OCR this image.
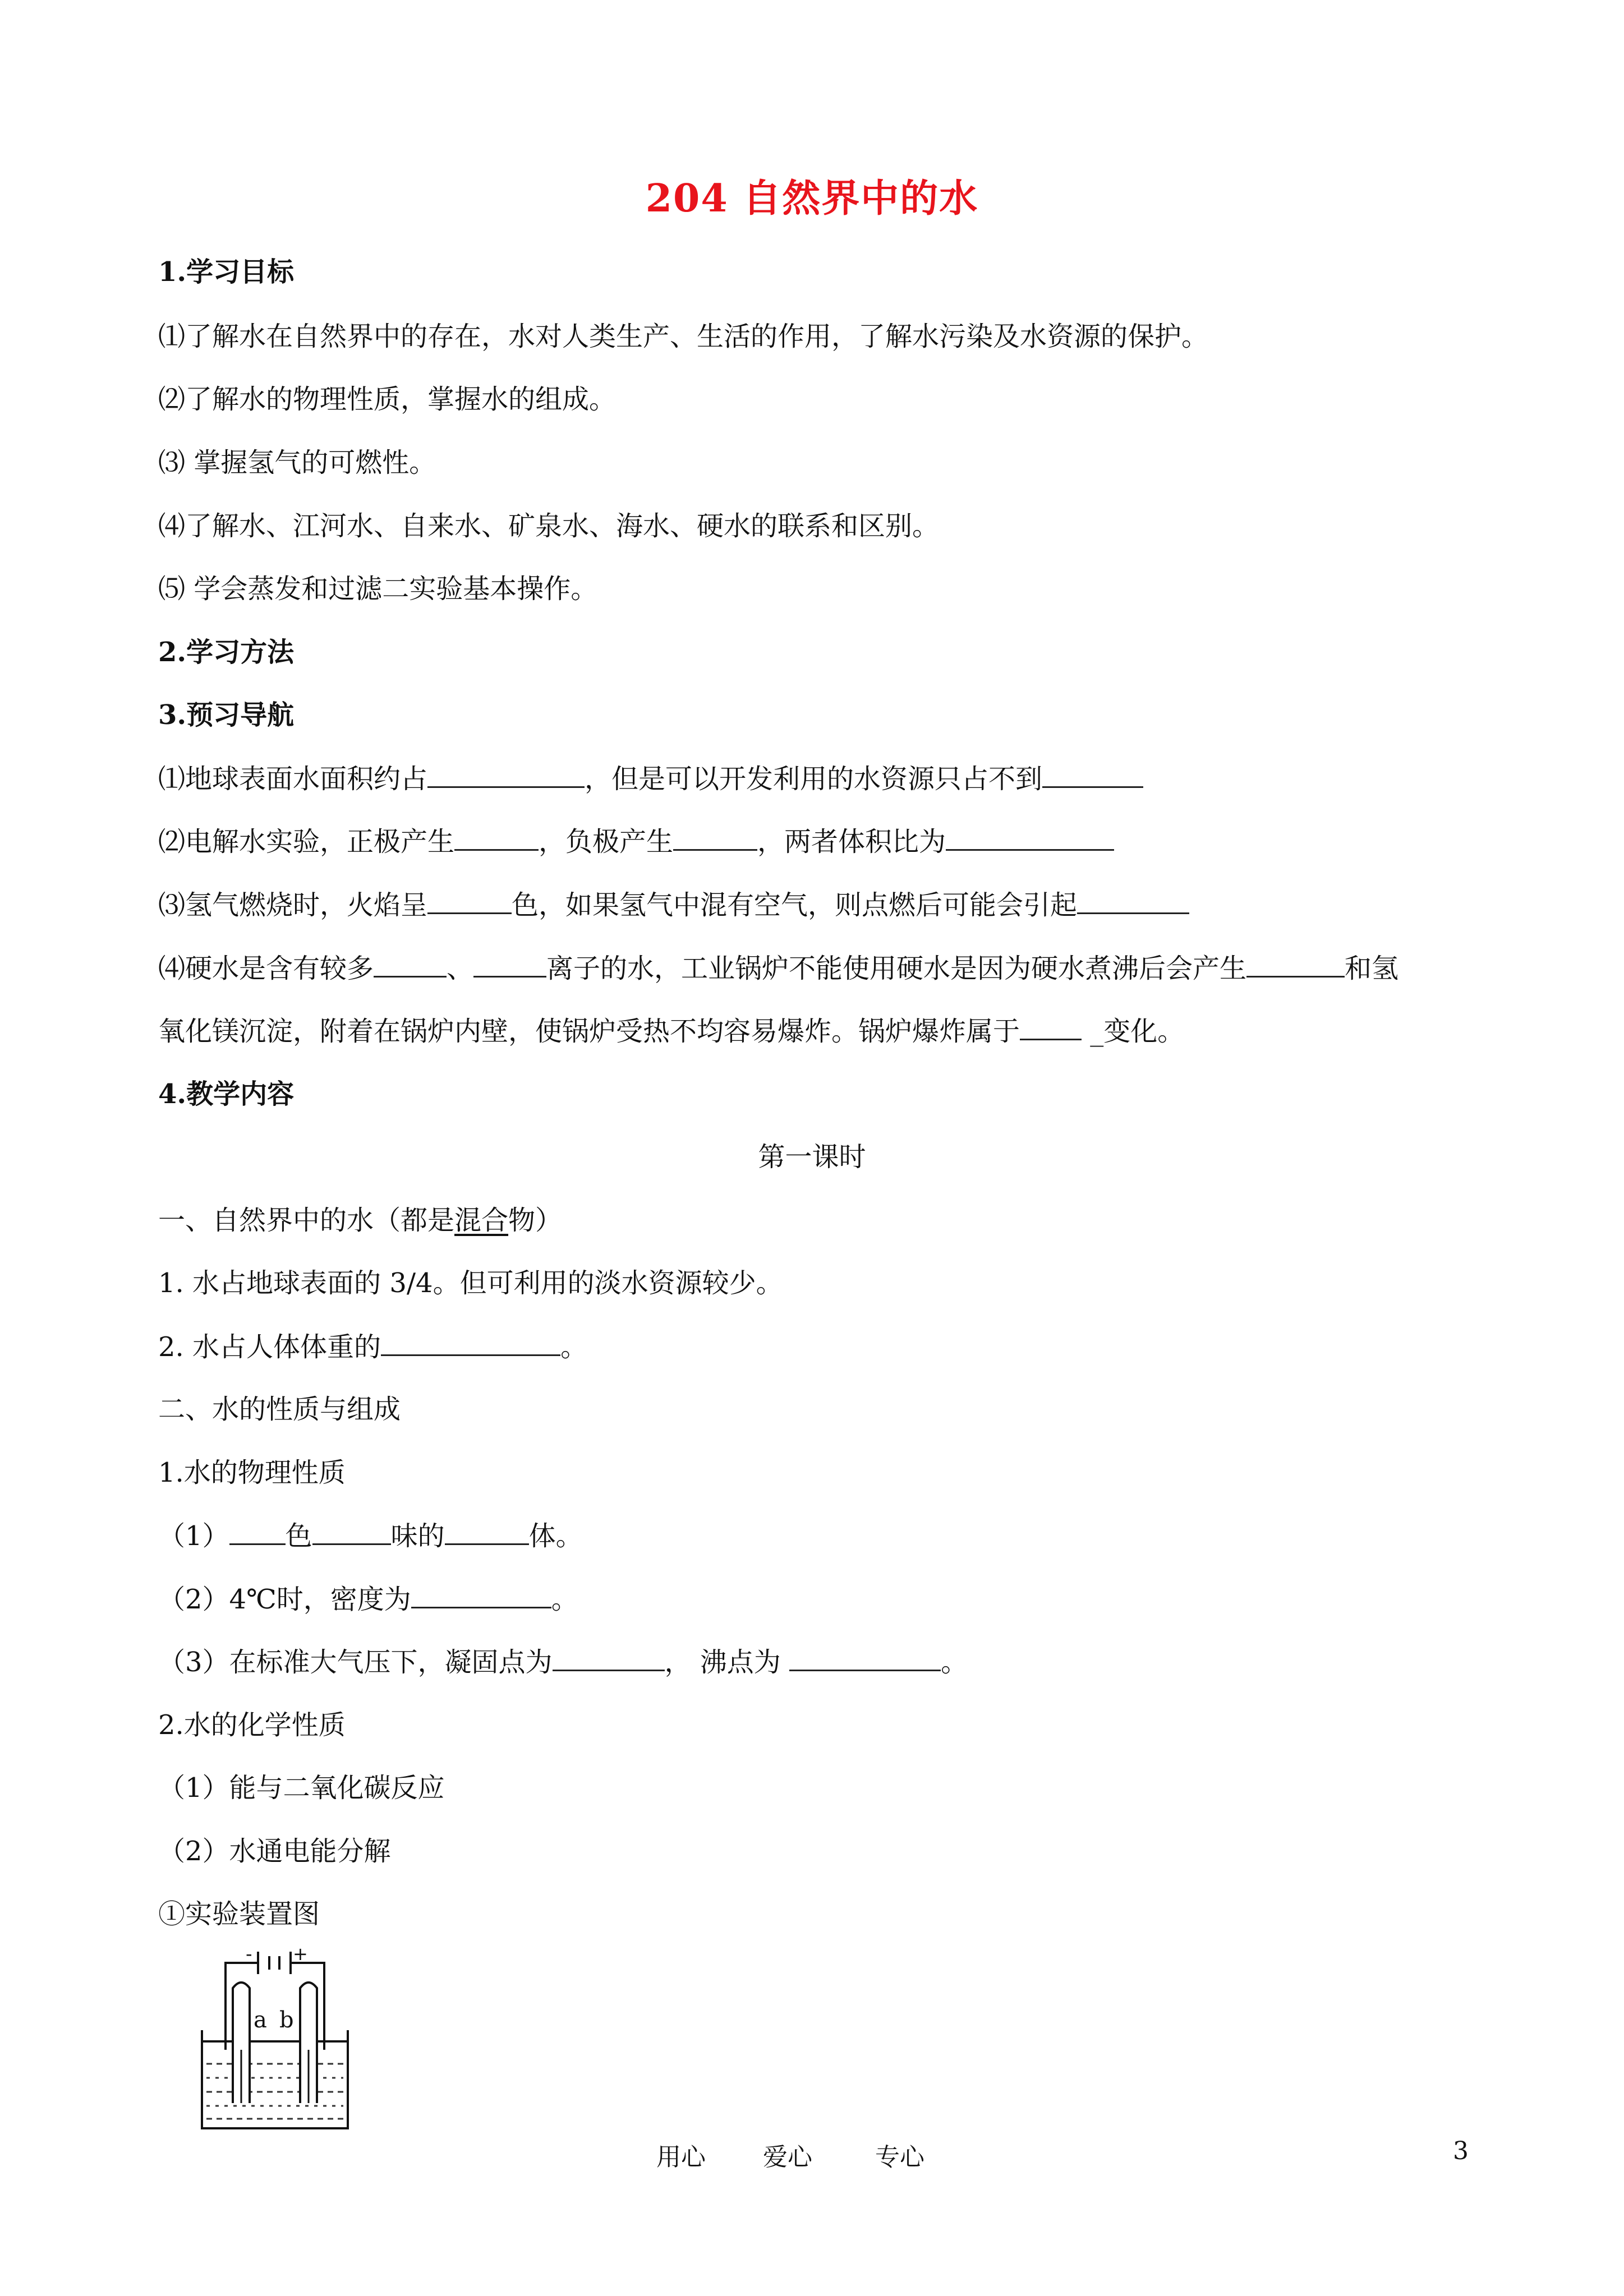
204 自然界中的水
1.学习目标
⑴了解水在自然界中的存在，水对人类生产、生活的作用，了解水污染及水资源的保护。
⑵了解水的物理性质，掌握水的组成。
⑶ 掌握氢气的可燃性。
⑷了解水、江河水、自来水、矿泉水、海水、硬水的联系和区别。
⑸ 学会蒸发和过滤二实验基本操作。
2.学习方法
3.预习导航
⑴地球表面水面积约占	，但是可以开发利用的水资源只占不到
⑵电解水实验，正极产生	，负极产生	，两者体积比为
⑶氢气燃烧时，火焰呈	色，如果氢气中混有空气，则点燃后可能会引起
⑷硬水是含有较多	、	离子的水，工业锅炉不能使用硬水是因为硬水煮沸后会产生	和氢
氧化镁沉淀，附着在锅炉内壁，使锅炉受热不均容易爆炸。锅炉爆炸属于	_变化。
4.教学内容
第一课时
一、自然界中的水（都是混合物）
1. 水占地球表面的 3/4。但可利用的淡水资源较少。
2. 水占人体体重的	。
二、水的性质与组成
1.水的物理性质
（1） 色	味的	体。
（2）4℃时，密度为	。
（3）在标准大气压下，凝固点为	， 沸点为	。
2.水的化学性质
（1）能与二氧化碳反应
（2）水通电能分解
①实验装置图
- +
a b
用心 爱心	专心	3
